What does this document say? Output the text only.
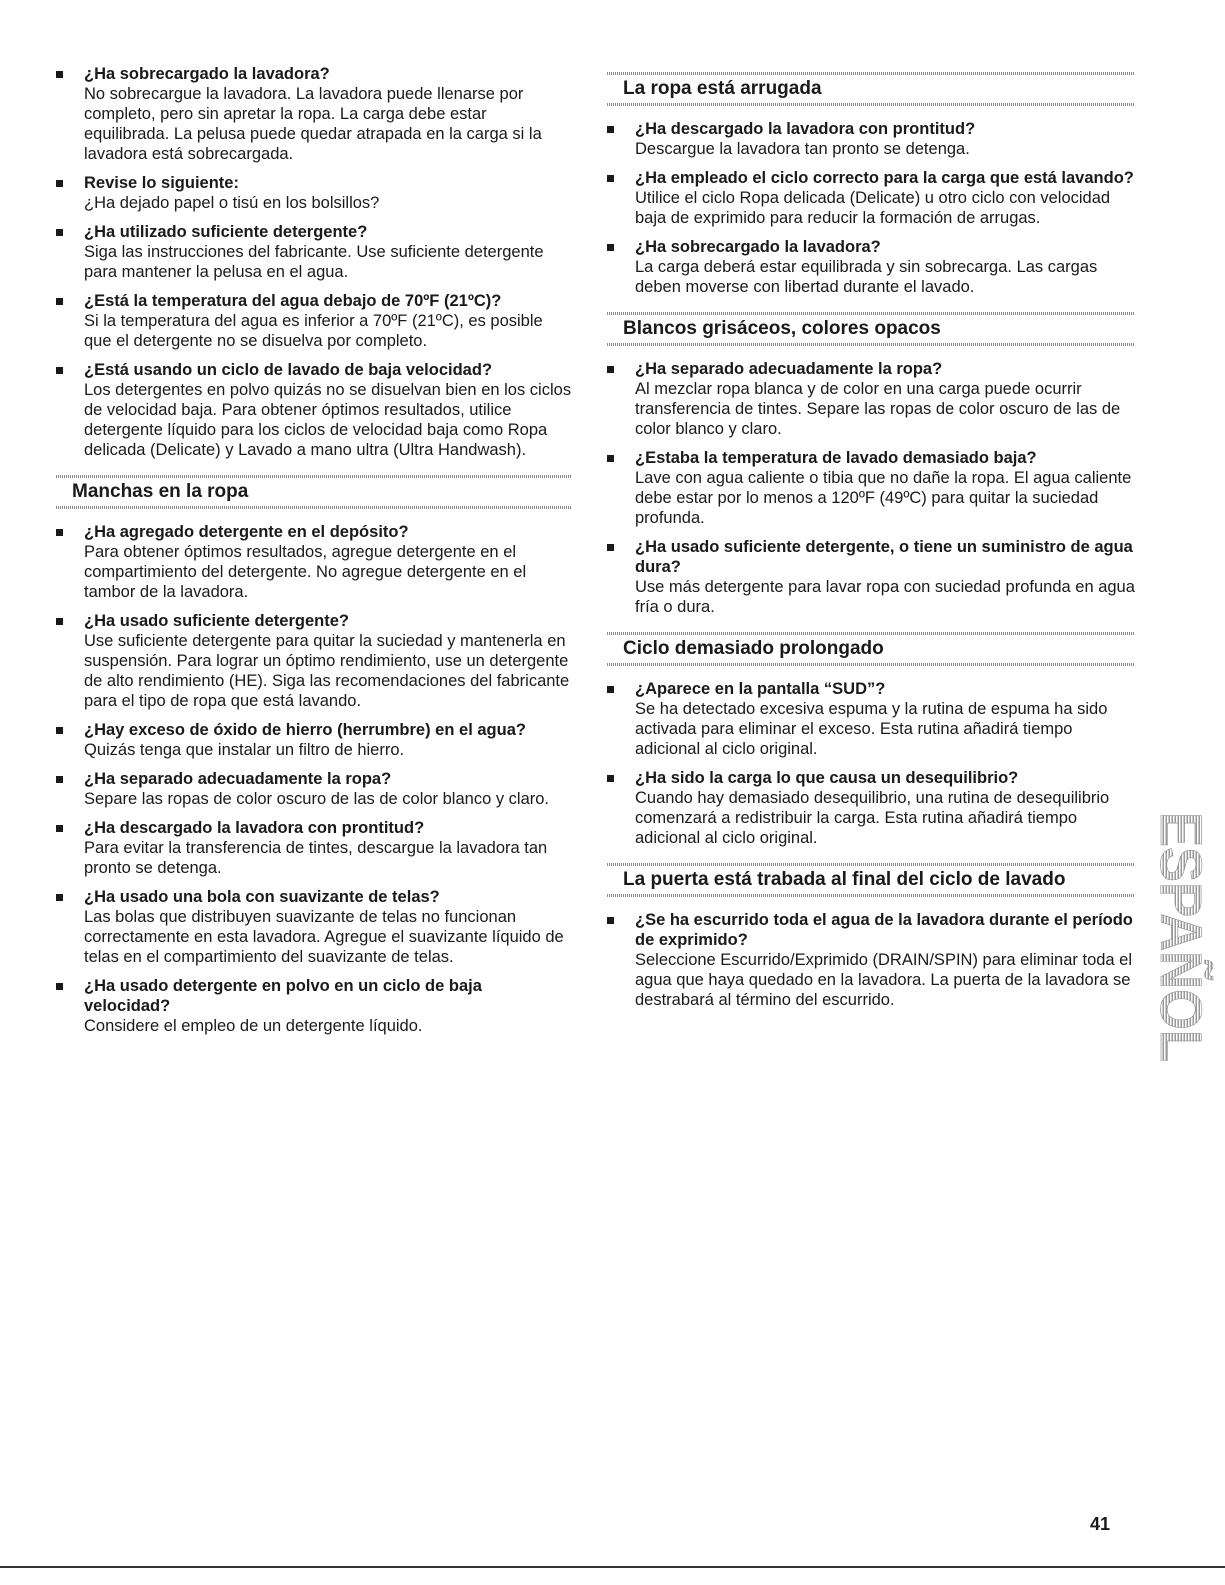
¿Ha sobrecargado la lavadora?
No sobrecargue la lavadora. La lavadora puede llenarse por completo, pero sin apretar la ropa. La carga debe estar equilibrada. La pelusa puede quedar atrapada en la carga si la lavadora está sobrecargada.
Revise lo siguiente:
¿Ha dejado papel o tisú en los bolsillos?
¿Ha utilizado suficiente detergente?
Siga las instrucciones del fabricante. Use suficiente detergente para mantener la pelusa en el agua.
¿Está la temperatura del agua debajo de 70ºF (21ºC)?
Si la temperatura del agua es inferior a 70ºF (21ºC), es posible que el detergente no se disuelva por completo.
¿Está usando un ciclo de lavado de baja velocidad?
Los detergentes en polvo quizás no se disuelvan bien en los ciclos de velocidad baja. Para obtener óptimos resultados, utilice detergente líquido para los ciclos de velocidad baja como Ropa delicada (Delicate) y Lavado a mano ultra (Ultra Handwash).
Manchas en la ropa
¿Ha agregado detergente en el depósito?
Para obtener óptimos resultados, agregue detergente en el compartimiento del detergente. No agregue detergente en el tambor de la lavadora.
¿Ha usado suficiente detergente?
Use suficiente detergente para quitar la suciedad y mantenerla en suspensión. Para lograr un óptimo rendimiento, use un detergente de alto rendimiento (HE). Siga las recomendaciones del fabricante para el tipo de ropa que está lavando.
¿Hay exceso de óxido de hierro (herrumbre) en el agua?
Quizás tenga que instalar un filtro de hierro.
¿Ha separado adecuadamente la ropa?
Separe las ropas de color oscuro de las de color blanco y claro.
¿Ha descargado la lavadora con prontitud?
Para evitar la transferencia de tintes, descargue la lavadora tan pronto se detenga.
¿Ha usado una bola con suavizante de telas?
Las bolas que distribuyen suavizante de telas no funcionan correctamente en esta lavadora. Agregue el suavizante líquido de telas en el compartimiento del suavizante de telas.
¿Ha usado detergente en polvo en un ciclo de baja velocidad?
Considere el empleo de un detergente líquido.
La ropa está arrugada
¿Ha descargado la lavadora con prontitud?
Descargue la lavadora tan pronto se detenga.
¿Ha empleado el ciclo correcto para la carga que está lavando?
Utilice el ciclo Ropa delicada (Delicate) u otro ciclo con velocidad baja de exprimido para reducir la formación de arrugas.
¿Ha sobrecargado la lavadora?
La carga deberá estar equilibrada y sin sobrecarga. Las cargas deben moverse con libertad durante el lavado.
Blancos grisáceos, colores opacos
¿Ha separado adecuadamente la ropa?
Al mezclar ropa blanca y de color en una carga puede ocurrir transferencia de tintes. Separe las ropas de color oscuro de las de color blanco y claro.
¿Estaba la temperatura de lavado demasiado baja?
Lave con agua caliente o tibia que no dañe la ropa. El agua caliente debe estar por lo menos a 120ºF (49ºC) para quitar la suciedad profunda.
¿Ha usado suficiente detergente, o tiene un suministro de agua dura?
Use más detergente para lavar ropa con suciedad profunda en agua fría o dura.
Ciclo demasiado prolongado
¿Aparece en la pantalla “SUD”?
Se ha detectado excesiva espuma y la rutina de espuma ha sido activada para eliminar el exceso. Esta rutina añadirá tiempo adicional al ciclo original.
¿Ha sido la carga lo que causa un desequilibrio?
Cuando hay demasiado desequilibrio, una rutina de desequilibrio comenzará a redistribuir la carga. Esta rutina añadirá tiempo adicional al ciclo original.
La puerta está trabada al final del ciclo de lavado
¿Se ha escurrido toda el agua de la lavadora durante el período de exprimido?
Seleccione Escurrido/Exprimido (DRAIN/SPIN) para eliminar toda el agua que haya quedado en la lavadora. La puerta de la lavadora se destrabará al término del escurrido.	ESPAÑOL
41
